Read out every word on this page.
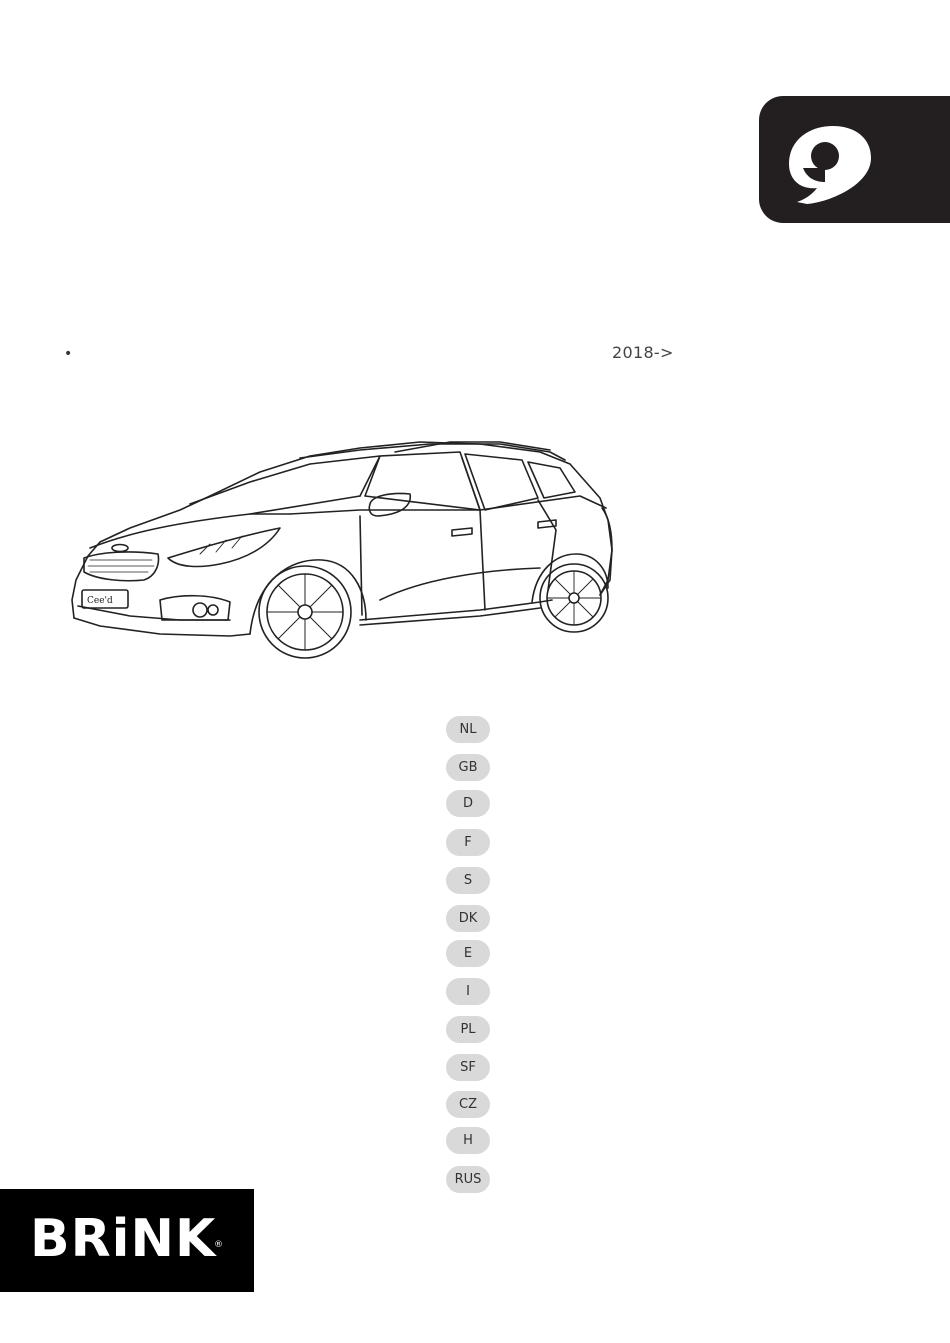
•	2018->
Cee'd
NL
GB
D
F
S
DK
E
I
PL
SF
CZ
H
RUS
BRiNK
®
